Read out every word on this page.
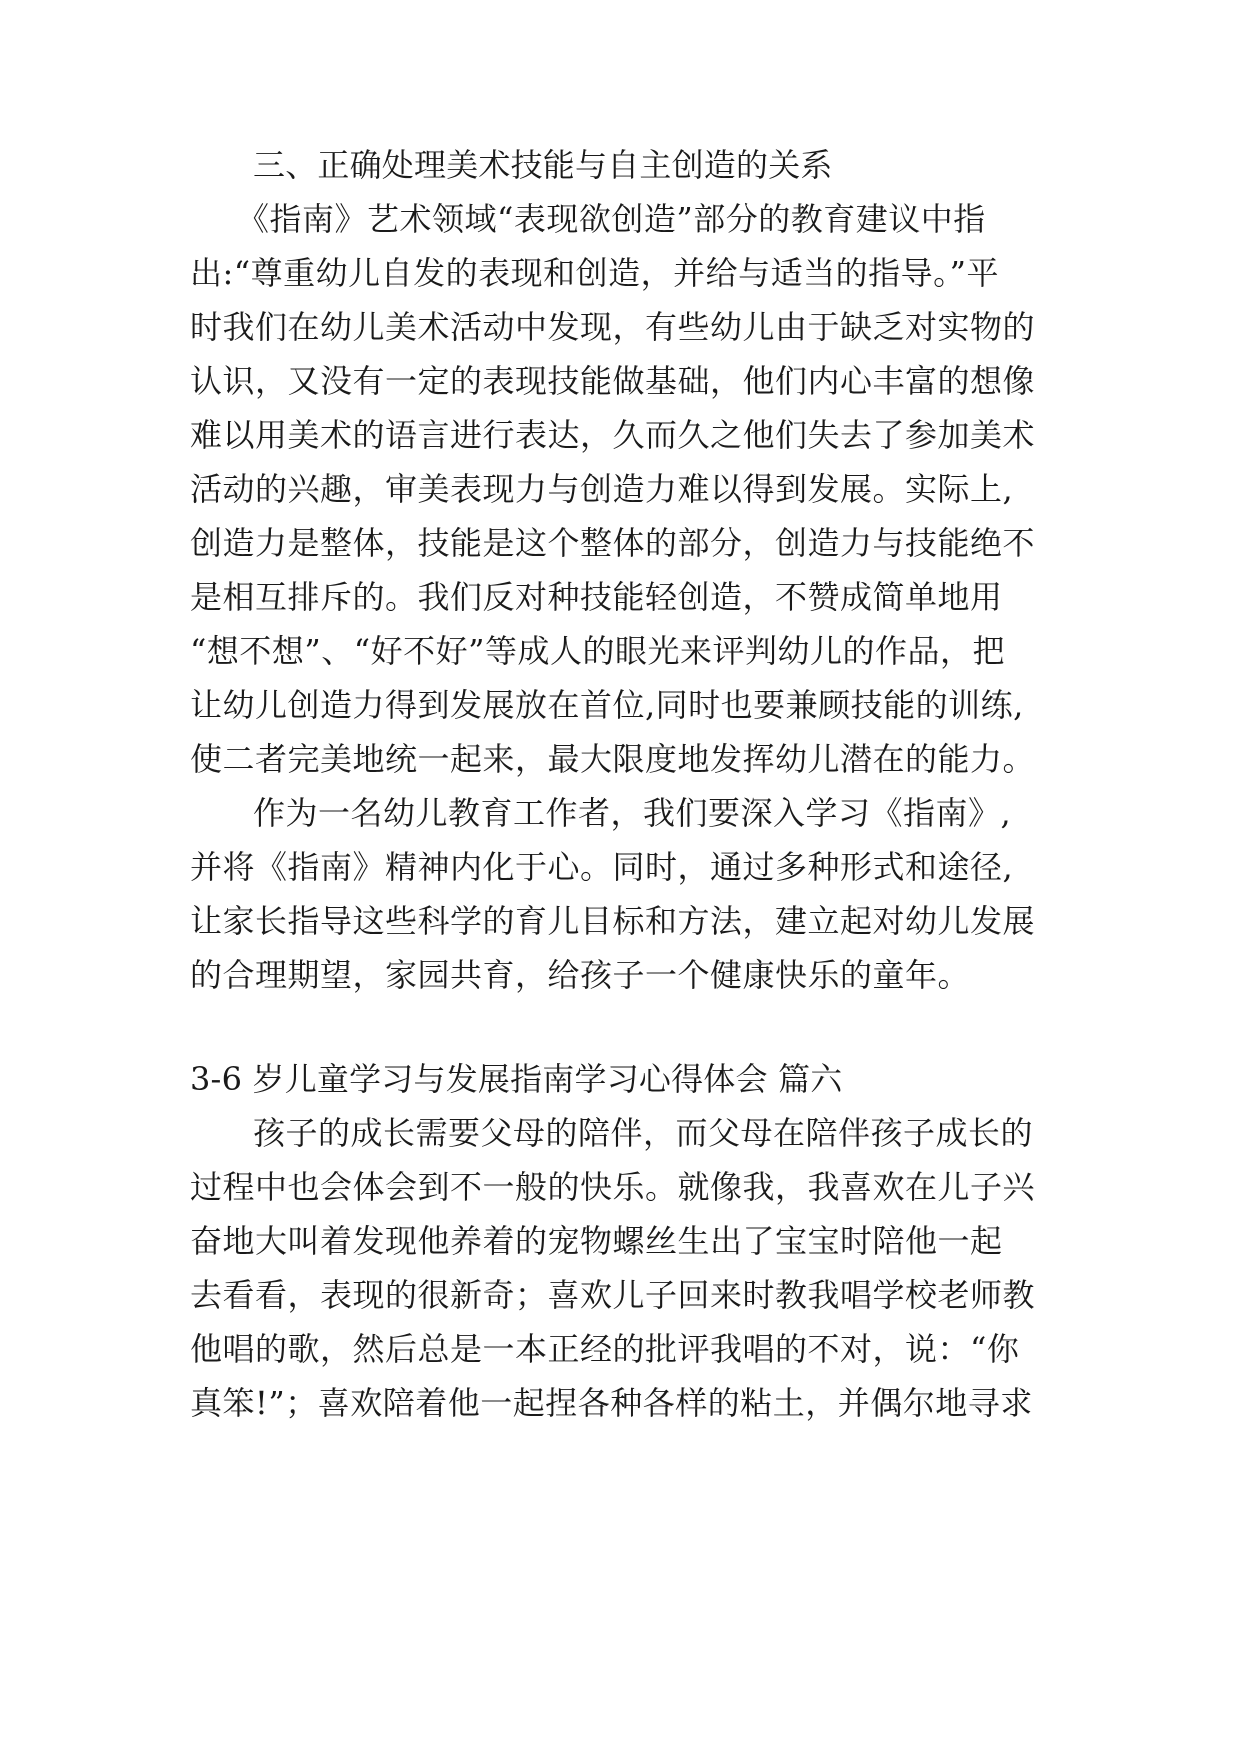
三、正确处理美术技能与自主创造的关系
《指南》艺术领域“表现欲创造”部分的教育建议中指
出:“尊重幼儿自发的表现和创造，并给与适当的指导。”平
时我们在幼儿美术活动中发现，有些幼儿由于缺乏对实物的
认识，又没有一定的表现技能做基础，他们内心丰富的想像
难以用美术的语言进行表达，久而久之他们失去了参加美术
活动的兴趣，审美表现力与创造力难以得到发展。实际上,
创造力是整体，技能是这个整体的部分，创造力与技能绝不
是相互排斥的。我们反对种技能轻创造，不赞成简单地用
“想不想”、“好不好”等成人的眼光来评判幼儿的作品，把
让幼儿创造力得到发展放在首位,同时也要兼顾技能的训练,
使二者完美地统一起来，最大限度地发挥幼儿潜在的能力。
作为一名幼儿教育工作者，我们要深入学习《指南》,
并将《指南》精神内化于心。同时，通过多种形式和途径,
让家长指导这些科学的育儿目标和方法，建立起对幼儿发展
的合理期望，家园共育，给孩子一个健康快乐的童年。
3-6 岁儿童学习与发展指南学习心得体会 篇六
孩子的成长需要父母的陪伴，而父母在陪伴孩子成长的
过程中也会体会到不一般的快乐。就像我，我喜欢在儿子兴
奋地大叫着发现他养着的宠物螺丝生出了宝宝时陪他一起
去看看，表现的很新奇；喜欢儿子回来时教我唱学校老师教
他唱的歌，然后总是一本正经的批评我唱的不对，说：“你
真笨!”；喜欢陪着他一起捏各种各样的粘土，并偶尔地寻求
